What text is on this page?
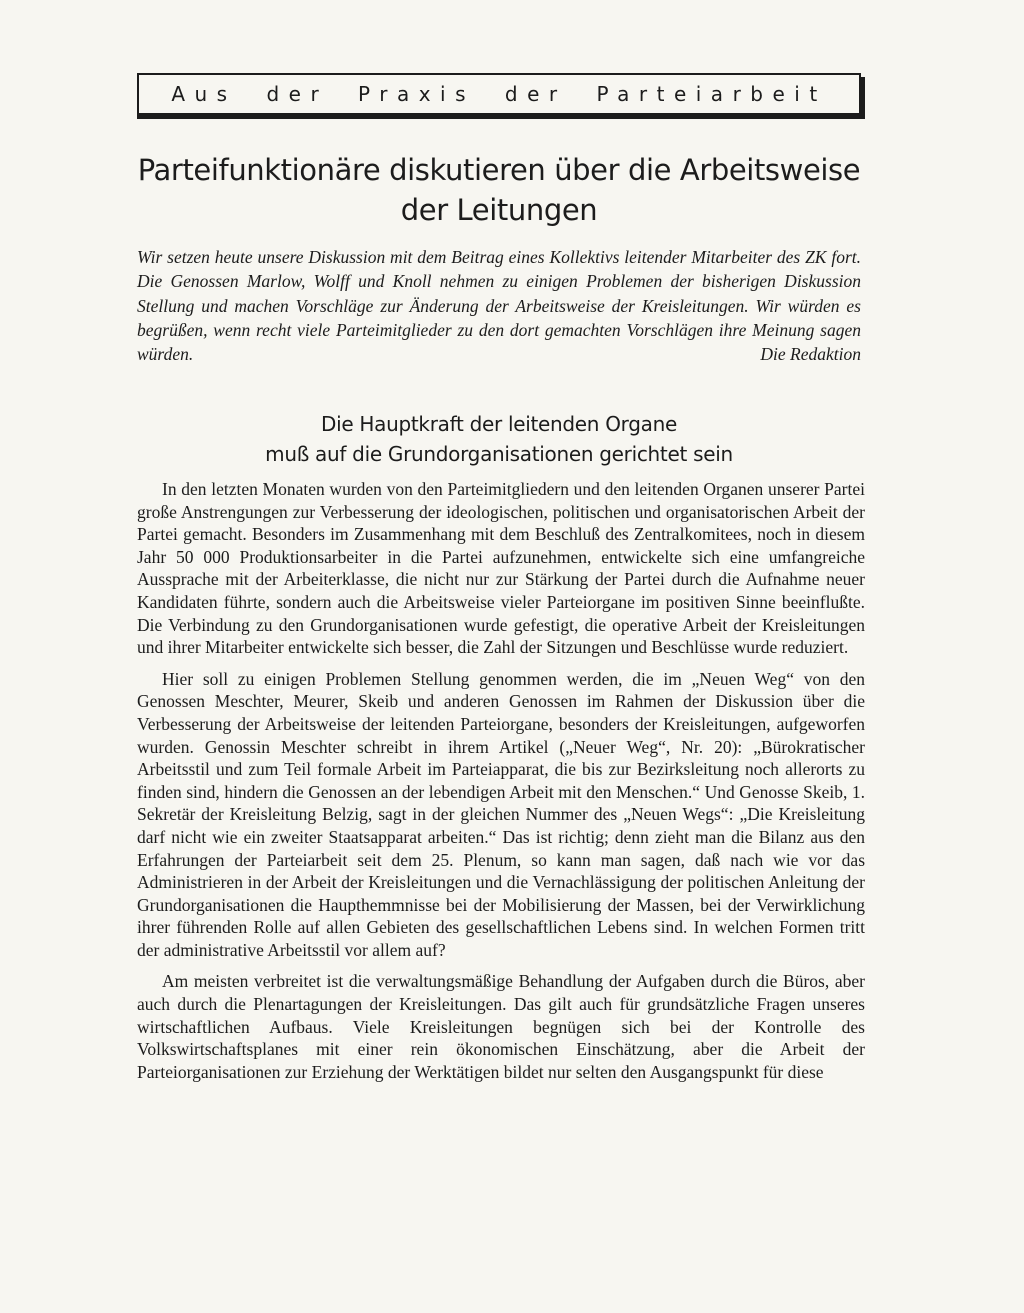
Aus der Praxis der Parteiarbeit
Parteifunktionäre diskutieren über die Arbeitsweise
der Leitungen

Wir setzen heute unsere Diskussion mit dem Beitrag eines Kollektivs leitender Mitarbeiter des ZK fort. Die Genossen Marlow, Wolff und Knoll nehmen zu einigen Problemen der bisherigen Diskussion Stellung und machen Vorschläge zur Änderung der Arbeitsweise der Kreisleitungen. Wir würden es begrüßen, wenn recht viele Parteimitglieder zu den dort gemachten Vorschlägen ihre Meinung sagen würden.	Die Redaktion
Die Hauptkraft der leitenden Organe
muß auf die Grundorganisationen gerichtet sein

In den letzten Monaten wurden von den Parteimitgliedern und den leitenden Organen unserer Partei große Anstrengungen zur Verbesserung der ideologischen, politischen und organisatorischen Arbeit der Partei gemacht. Besonders im Zusammenhang mit dem Beschluß des Zentralkomitees, noch in diesem Jahr 50 000 Produktionsarbeiter in die Partei aufzunehmen, entwickelte sich eine umfangreiche Aussprache mit der Arbeiterklasse, die nicht nur zur Stärkung der Partei durch die Aufnahme neuer Kandidaten führte, sondern auch die Arbeitsweise vieler Parteiorgane im positiven Sinne beeinflußte. Die Verbindung zu den Grundorganisationen wurde gefestigt, die operative Arbeit der Kreisleitungen und ihrer Mitarbeiter entwickelte sich besser, die Zahl der Sitzungen und Beschlüsse wurde reduziert.

Hier soll zu einigen Problemen Stellung genommen werden, die im „Neuen Weg“ von den Genossen Meschter, Meurer, Skeib und anderen Genossen im Rahmen der Diskussion über die Verbesserung der Arbeitsweise der leitenden Parteiorgane, besonders der Kreisleitungen, aufgeworfen wurden. Genossin Meschter schreibt in ihrem Artikel („Neuer Weg“, Nr. 20): „Bürokratischer Arbeitsstil und zum Teil formale Arbeit im Parteiapparat, die bis zur Bezirksleitung noch allerorts zu finden sind, hindern die Genossen an der lebendigen Arbeit mit den Menschen.“ Und Genosse Skeib, 1. Sekretär der Kreisleitung Belzig, sagt in der gleichen Nummer des „Neuen Wegs“: „Die Kreisleitung darf nicht wie ein zweiter Staatsapparat arbeiten.“ Das ist richtig; denn zieht man die Bilanz aus den Erfahrungen der Parteiarbeit seit dem 25. Plenum, so kann man sagen, daß nach wie vor das Administrieren in der Arbeit der Kreisleitungen und die Vernachlässigung der politischen Anleitung der Grundorganisationen die Haupthemmnisse bei der Mobilisierung der Massen, bei der Verwirklichung ihrer führenden Rolle auf allen Gebieten des gesellschaftlichen Lebens sind. In welchen Formen tritt der administrative Arbeitsstil vor allem auf?

Am meisten verbreitet ist die verwaltungsmäßige Behandlung der Aufgaben durch die Büros, aber auch durch die Plenartagungen der Kreisleitungen. Das gilt auch für grundsätzliche Fragen unseres wirtschaftlichen Aufbaus. Viele Kreisleitungen begnügen sich bei der Kontrolle des Volkswirtschaftsplanes mit einer rein ökonomischen Einschätzung, aber die Arbeit der Parteiorganisationen zur Erziehung der Werktätigen bildet nur selten den Ausgangspunkt für diese
